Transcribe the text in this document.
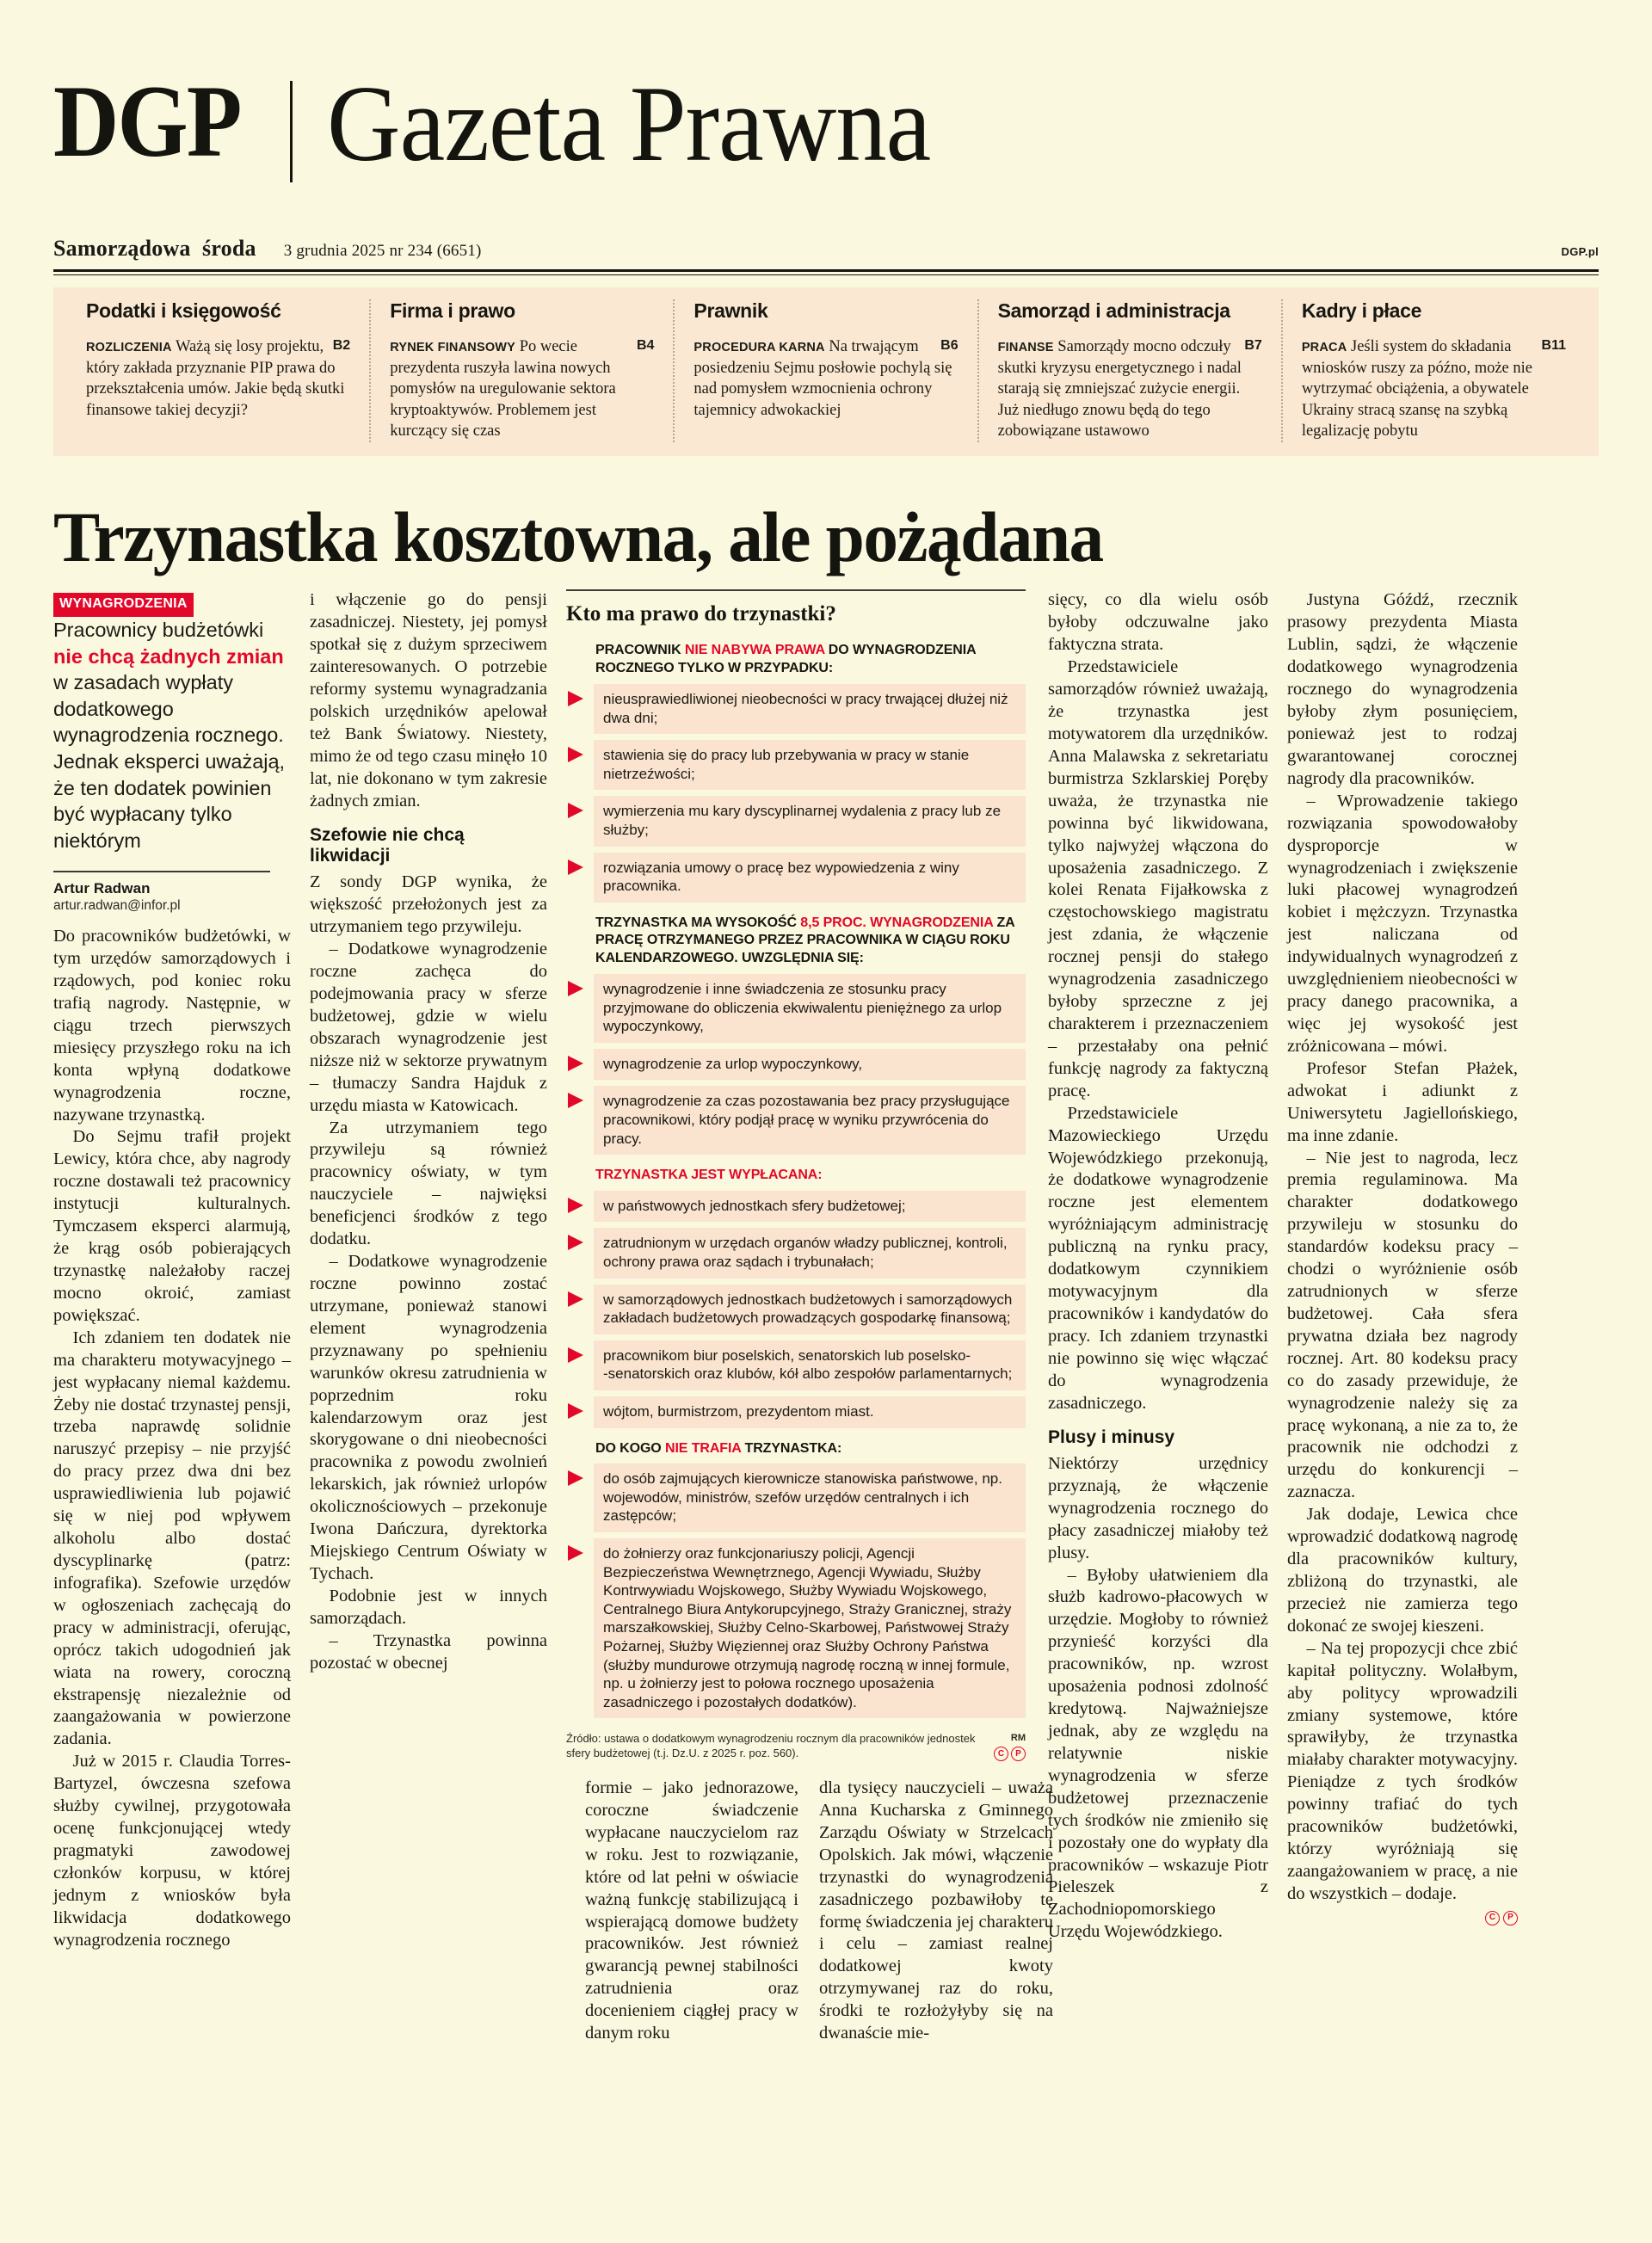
DGP Gazeta Prawna
Samorządowa  środa 3 grudnia 2025 nr 234 (6651)	DGP.pl
Podatki i księgowość
B2
ROZLICZENIA Ważą się losy projektu, który zakłada przyznanie PIP prawa do przekształcenia umów. Jakie będą skutki finansowe takiej decyzji?
Firma i prawo
B4
RYNEK FINANSOWY Po wecie prezydenta ruszyła lawina nowych pomysłów na uregulowanie sektora kryptoaktywów. Problemem jest kurczący się czas
Prawnik
B6
PROCEDURA KARNA Na trwającym posiedzeniu Sejmu posłowie pochylą się nad pomysłem wzmocnienia ochrony tajemnicy adwokackiej
Samorząd i administracja
B7
FINANSE Samorządy mocno odczuły skutki kryzysu energetycznego i nadal starają się zmniejszać zużycie energii. Już niedługo znowu będą do tego zobowiązane ustawowo
Kadry i płace
B11
PRACA Jeśli system do składania wniosków ruszy za późno, może nie wytrzymać obciążenia, a obywatele Ukrainy stracą szansę na szybką legalizację pobytu
Trzynastka kosztowna, ale pożądana
WYNAGRODZENIAPracownicy budżetówki nie chcą żadnych zmian w zasadach wypłaty dodatkowego wynagrodzenia rocznego. Jednak eksperci uważają, że ten dodatek powinien być wypłacany tylko niektórym
Artur Radwan
artur.radwan@infor.pl

Do pracowników budżetówki, w tym urzędów samorządowych i rządowych, pod koniec roku trafią nagrody. Następnie, w ciągu trzech pierwszych miesięcy przyszłego roku na ich konta wpłyną dodatkowe wynagrodzenia roczne, nazywane trzynastką.

Do Sejmu trafił projekt Lewicy, która chce, aby nagrody roczne dostawali też pracownicy instytucji kulturalnych. Tymczasem eksperci alarmują, że krąg osób pobierających trzynastkę należałoby raczej mocno okroić, zamiast powiększać.

Ich zdaniem ten dodatek nie ma charakteru motywacyjnego – jest wypłacany niemal każdemu. Żeby nie dostać trzynastej pensji, trzeba naprawdę solidnie naruszyć przepisy – nie przyjść do pracy przez dwa dni bez usprawiedliwienia lub pojawić się w niej pod wpływem alkoholu albo dostać dyscyplinarkę (patrz: infografika). Szefowie urzędów w ogłoszeniach zachęcają do pracy w administracji, oferując, oprócz takich udogodnień jak wiata na rowery, coroczną ekstrapensję niezależnie od zaangażowania w powierzone zadania.

Już w 2015 r. Claudia Torres-Bartyzel, ówczesna szefowa służby cywilnej, przygotowała ocenę funkcjonującej wtedy pragmatyki zawodowej członków korpusu, w której jednym z wniosków była likwidacja dodatkowego wynagrodzenia rocznego

i włączenie go do pensji zasadniczej. Niestety, jej pomysł spotkał się z dużym sprzeciwem zainteresowanych. O potrzebie reformy systemu wynagradzania polskich urzędników apelował też Bank Światowy. Niestety, mimo że od tego czasu minęło 10 lat, nie dokonano w tym zakresie żadnych zmian.

Szefowie nie chcą likwidacji

Z sondy DGP wynika, że większość przełożonych jest za utrzymaniem tego przywileju.

– Dodatkowe wynagrodzenie roczne zachęca do podejmowania pracy w sferze budżetowej, gdzie w wielu obszarach wynagrodzenie jest niższe niż w sektorze prywatnym – tłumaczy Sandra Hajduk z urzędu miasta w Katowicach.

Za utrzymaniem tego przywileju są również pracownicy oświaty, w tym nauczyciele – najwięksi beneficjenci środków z tego dodatku.

– Dodatkowe wynagrodzenie roczne powinno zostać utrzymane, ponieważ stanowi element wynagrodzenia przyznawany po spełnieniu warunków okresu zatrudnienia w poprzednim roku kalendarzowym oraz jest skorygowane o dni nieobecności pracownika z powodu zwolnień lekarskich, jak również urlopów okolicznościowych – przekonuje Iwona Dańczura, dyrektorka Miejskiego Centrum Oświaty w Tychach.

Podobnie jest w innych samorządach.

– Trzynastka powinna pozostać w obecnej

Kto ma prawo do trzynastki?
PRACOWNIK NIE NABYWA PRAWA DO WYNAGRODZENIA ROCZNEGO TYLKO W PRZYPADKU:
nieusprawiedliwionej nieobecności w pracy trwającej dłużej niż dwa dni;
stawienia się do pracy lub przebywania w pracy w stanie nietrzeźwości;
wymierzenia mu kary dyscyplinarnej wydalenia z pracy lub ze służby;
rozwiązania umowy o pracę bez wypowiedzenia z winy pracownika.
TRZYNASTKA MA WYSOKOŚĆ 8,5 PROC. WYNAGRODZENIA ZA PRACĘ OTRZYMANEGO PRZEZ PRACOWNIKA W CIĄGU ROKU KALENDARZOWEGO. UWZGLĘDNIA SIĘ:
wynagrodzenie i inne świadczenia ze stosunku pracy przyjmowane do obliczenia ekwiwalentu pieniężnego za urlop wypoczynkowy,
wynagrodzenie za urlop wypoczynkowy,
wynagrodzenie za czas pozostawania bez pracy przysługujące pracownikowi, który podjął pracę w wyniku przywrócenia do pracy.
TRZYNASTKA JEST WYPŁACANA:
w państwowych jednostkach sfery budżetowej;
zatrudnionym w urzędach organów władzy publicznej, kontroli, ochrony prawa oraz sądach i trybunałach;
w samorządowych jednostkach budżetowych i samorządowych zakładach budżetowych prowadzących gospodarkę finansową;
pracownikom biur poselskich, senatorskich lub poselsko-‑senatorskich oraz klubów, kół albo zespołów parlamentarnych;
wójtom, burmistrzom, prezydentom miast.
DO KOGO NIE TRAFIA TRZYNASTKA:
do osób zajmujących kierownicze stanowiska państwowe, np. wojewodów, ministrów, szefów urzędów centralnych i ich zastępców;
do żołnierzy oraz funkcjonariuszy policji, Agencji Bezpieczeństwa Wewnętrznego, Agencji Wywiadu, Służby Kontrwywiadu Wojskowego, Służby Wywiadu Wojskowego, Centralnego Biura Antykorupcyjnego, Straży Granicznej, straży marszałkowskiej, Służby Celno-Skarbowej, Państwowej Straży Pożarnej, Służby Więziennej oraz Służby Ochrony Państwa (służby mundurowe otrzymują nagrodę roczną w innej formule, np. u żołnierzy jest to połowa rocznego uposażenia zasadniczego i pozostałych dodatków).
Źródło: ustawa o dodatkowym wynagrodzeniu rocznym dla pracowników jednostek sfery budżetowej (t.j. Dz.U. z 2025 r. poz. 560).
RM
C	P

sięcy, co dla wielu osób byłoby odczuwalne jako faktyczna strata.

Przedstawiciele samorządów również uważają, że trzynastka jest motywatorem dla urzędników. Anna Malawska z sekretariatu burmistrza Szklarskiej Poręby uważa, że trzynastka nie powinna być likwidowana, tylko najwyżej włączona do uposażenia zasadniczego. Z kolei Renata Fijałkowska z częstochowskiego magistratu jest zdania, że włączenie rocznej pensji do stałego wynagrodzenia zasadniczego byłoby sprzeczne z jej charakterem i przeznaczeniem – przestałaby ona pełnić funkcję nagrody za faktyczną pracę.

Przedstawiciele Mazowieckiego Urzędu Wojewódzkiego przekonują, że dodatkowe wynagrodzenie roczne jest elementem wyróżniającym administrację publiczną na rynku pracy, dodatkowym czynnikiem motywacyjnym dla pracowników i kandydatów do pracy. Ich zdaniem trzynastki nie powinno się więc włączać do wynagrodzenia zasadniczego.

Plusy i minusy

Niektórzy urzędnicy przyznają, że włączenie wynagrodzenia rocznego do płacy zasadniczej miałoby też plusy.

– Byłoby ułatwieniem dla służb kadrowo-płacowych w urzędzie. Mogłoby to również przynieść korzyści dla pracowników, np. wzrost uposażenia podnosi zdolność kredytową. Najważniejsze jednak, aby ze względu na relatywnie niskie wynagrodzenia w sferze budżetowej przeznaczenie tych środków nie zmieniło się i pozostały one do wypłaty dla pracowników – wskazuje Piotr Pieleszek z Zachodniopomorskiego Urzędu Wojewódzkiego.

Justyna Góźdź, rzecznik prasowy prezydenta Miasta Lublin, sądzi, że włączenie dodatkowego wynagrodzenia rocznego do wynagrodzenia byłoby złym posunięciem, ponieważ jest to rodzaj gwarantowanej corocznej nagrody dla pracowników.

– Wprowadzenie takiego rozwiązania spowodowałoby dysproporcje w wynagrodzeniach i zwiększenie luki płacowej wynagrodzeń kobiet i mężczyzn. Trzynastka jest naliczana od indywidualnych wynagrodzeń z uwzględnieniem nieobecności w pracy danego pracownika, a więc jej wysokość jest zróżnicowana – mówi.

Profesor Stefan Płażek, adwokat i adiunkt z Uniwersytetu Jagiellońskiego, ma inne zdanie.

– Nie jest to nagroda, lecz premia regulaminowa. Ma charakter dodatkowego przywileju w stosunku do standardów kodeksu pracy – chodzi o wyróżnienie osób zatrudnionych w sferze budżetowej. Cała sfera prywatna działa bez nagrody rocznej. Art. 80 kodeksu pracy co do zasady przewiduje, że wynagrodzenie należy się za pracę wykonaną, a nie za to, że pracownik nie odchodzi z urzędu do konkurencji – zaznacza.

Jak dodaje, Lewica chce wprowadzić dodatkową nagrodę dla pracowników kultury, zbliżoną do trzynastki, ale przecież nie zamierza tego dokonać ze swojej kieszeni.

– Na tej propozycji chce zbić kapitał polityczny. Wolałbym, aby politycy wprowadzili zmiany systemowe, które sprawiłyby, że trzynastka miałaby charakter motywacyjny. Pieniądze z tych środków powinny trafiać do tych pracowników budżetówki, którzy wyróżniają się zaangażowaniem w pracę, a nie do wszystkich – dodaje.

C	P

formie – jako jednorazowe, coroczne świadczenie wypłacane nauczycielom raz w roku. Jest to rozwiązanie, które od lat pełni w oświacie ważną funkcję stabilizującą i wspierającą domowe budżety pracowników. Jest również gwarancją pewnej stabilności zatrudnienia oraz docenieniem ciągłej pracy w danym roku

dla tysięcy nauczycieli – uważa Anna Kucharska z Gminnego Zarządu Oświaty w Strzelcach Opolskich. Jak mówi, włączenie trzynastki do wynagrodzenia zasadniczego pozbawiłoby tę formę świadczenia jej charakteru i celu – zamiast realnej dodatkowej kwoty otrzymywanej raz do roku, środki te rozłożyłyby się na dwanaście mie-
